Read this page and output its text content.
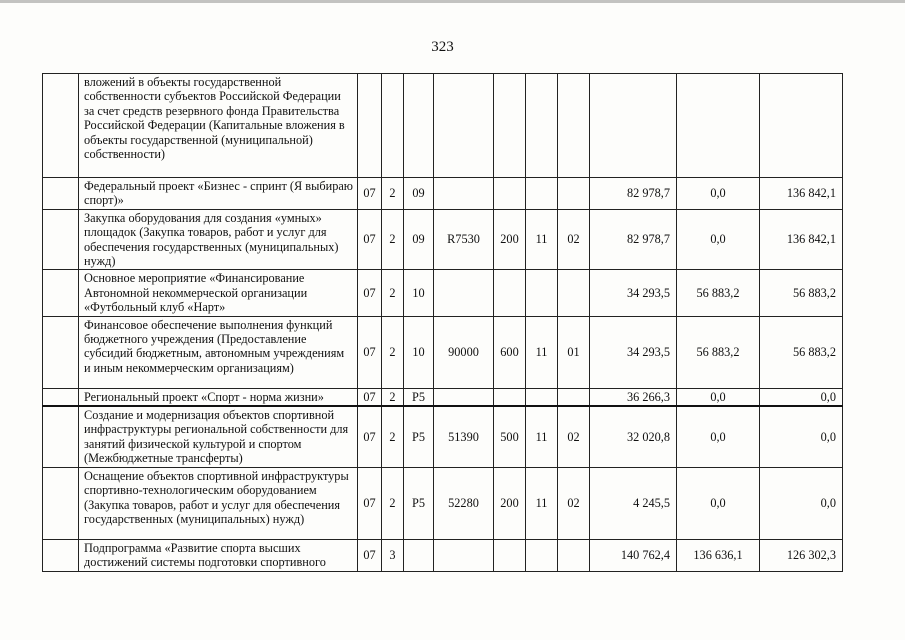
323
	вложений в объекты государственной собственности субъектов Российской Федерации за счет средств резервного фонда Правительства Российской Федерации (Капитальные вложения в объекты государственной (муниципальной) собственности)										
	Федеральный проект «Бизнес - спринт (Я выбираю спорт)»	07	2	09					82 978,7	0,0	136 842,1
	Закупка оборудования для создания «умных» площадок (Закупка товаров, работ и услуг для обеспечения государственных (муниципальных) нужд)	07	2	09	R7530	200	11	02	82 978,7	0,0	136 842,1
	Основное мероприятие «Финансирование Автономной некоммерческой организации «Футбольный клуб «Нарт»	07	2	10					34 293,5	56 883,2	56 883,2
	Финансовое обеспечение выполнения функций бюджетного учреждения (Предоставление субсидий бюджетным, автономным учреждениям и иным некоммерческим организациям)	07	2	10	90000	600	11	01	34 293,5	56 883,2	56 883,2
	Региональный проект «Спорт - норма жизни»	07	2	P5					36 266,3	0,0	0,0
	Создание и модернизация объектов спортивной инфраструктуры региональной собственности для занятий физической культурой и спортом (Межбюджетные трансферты)	07	2	P5	51390	500	11	02	32 020,8	0,0	0,0
	Оснащение объектов спортивной инфраструктуры спортивно-технологическим оборудованием (Закупка товаров, работ и услуг для обеспечения государственных (муниципальных) нужд)	07	2	P5	52280	200	11	02	4 245,5	0,0	0,0
	Подпрограмма «Развитие спорта высших достижений системы подготовки спортивного	07	3						140 762,4	136 636,1	126 302,3
